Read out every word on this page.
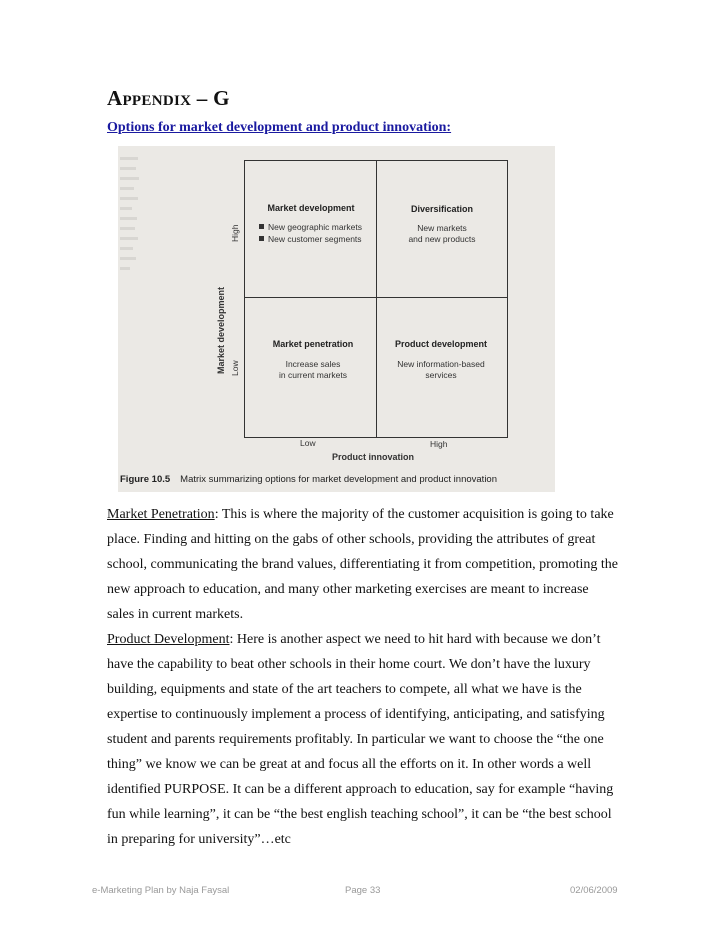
APPENDIX – G
Options for market development and product innovation:
Market development
New geographic markets
New customer segments
Diversification
New markets
and new products
Market penetration
Increase sales
in current markets
Product development
New information-based
services
Market development
High
Low
Low	High
Product innovation
Figure 10.5 Matrix summarizing options for market development and product innovation

Market Penetration: This is where the majority of the customer acquisition is going to take place. Finding and hitting on the gabs of other schools, providing the attributes of great school, communicating the brand values, differentiating it from competition, promoting the new approach to education, and many other marketing exercises are meant to increase sales in current markets.

Product Development: Here is another aspect we need to hit hard with because we don’t have the capability to beat other schools in their home court. We don’t have the luxury building, equipments and state of the art teachers to compete, all what we have is the expertise to continuously implement a process of identifying, anticipating, and satisfying student and parents requirements profitably. In particular we want to choose the “the one thing” we know we can be great at and focus all the efforts on it. In other words a well identified PURPOSE. It can be a different approach to education, say for example “having fun while learning”, it can be “the best english teaching school”, it can be “the best school in preparing for university”…etc

e-Marketing Plan by Naja Faysal	Page 33	02/06/2009
